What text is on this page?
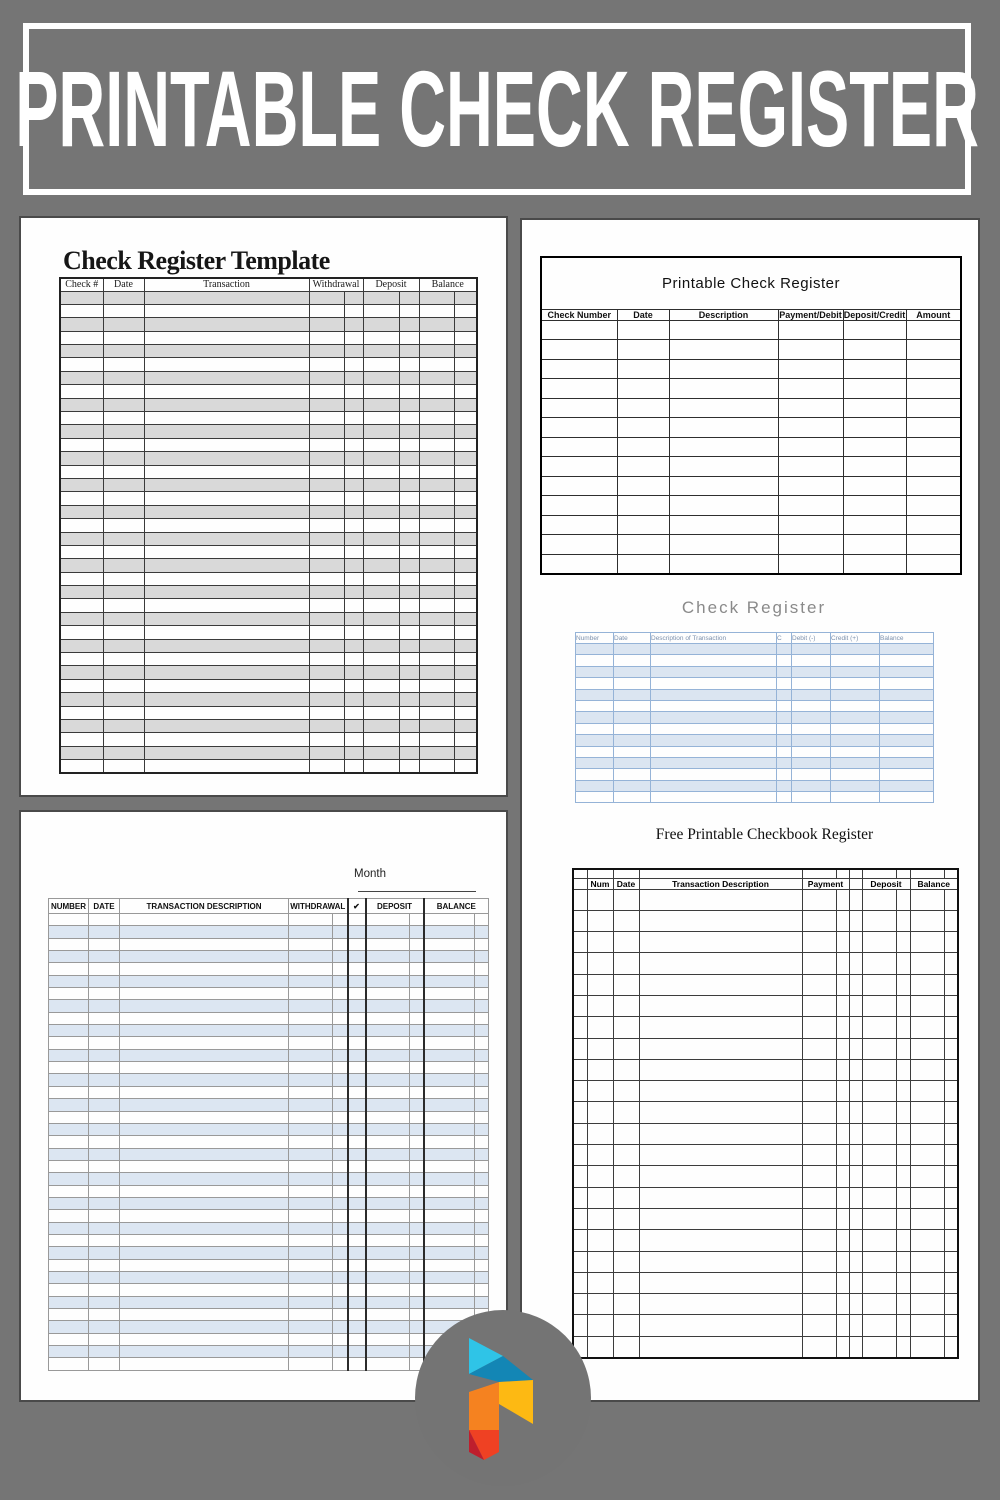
PRINTABLE CHECK REGISTER
Check Register Template
Check #	Date	Transaction	Withdrawal		Deposit		Balance	

Month
NUMBER	DATE	TRANSACTION DESCRIPTION	WITHDRAWAL		✔	DEPOSIT		BALANCE	

Printable Check Register					
Check Number	Date	Description	Payment/Debit	Deposit/Credit	Amount

Check Register
Number	Date	Description of Transaction	C	Debit (-)	Credit (+)	Balance

Free Printable Checkbook Register

	Num	Date	Transaction Description	Payment			Deposit		Balance	
